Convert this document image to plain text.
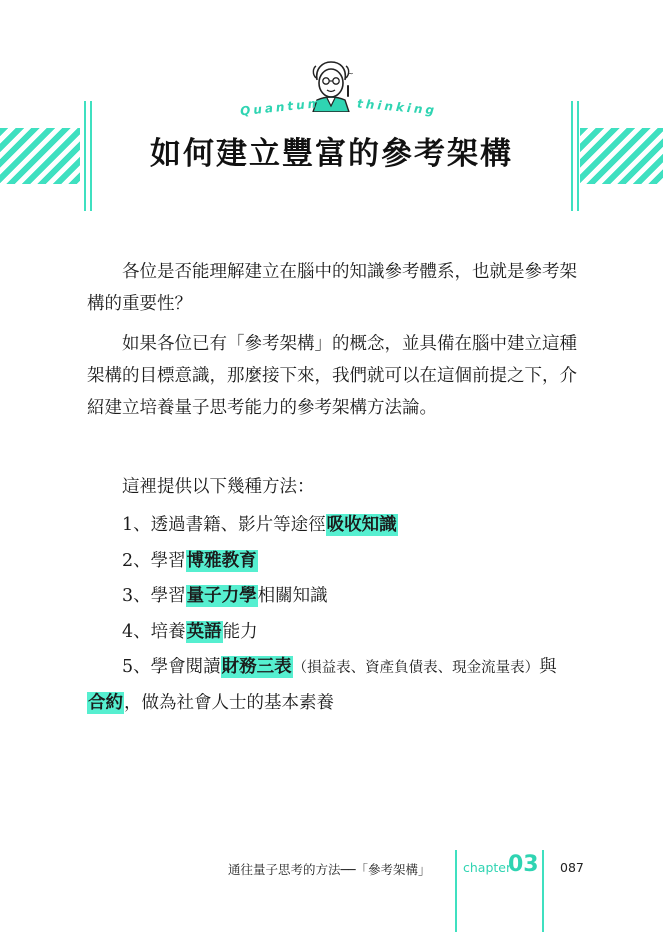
~
Quantum	thinking
如何建立豐富的參考架構
各位是否能理解建立在腦中的知識參考體系，也就是參考架構的重要性？
如果各位已有「參考架構」的概念，並具備在腦中建立這種架構的目標意識，那麼接下來，我們就可以在這個前提之下，介紹建立培養量子思考能力的參考架構方法論。
這裡提供以下幾種方法：
1、透過書籍、影片等途徑吸收知識
2、學習博雅教育
3、學習量子力學相關知識
4、培養英語能力
5、學會閱讀財務三表（損益表、資產負債表、現金流量表）與
合約，做為社會人士的基本素養
通往量子思考的方法──「參考架構」	chapter
03 087
